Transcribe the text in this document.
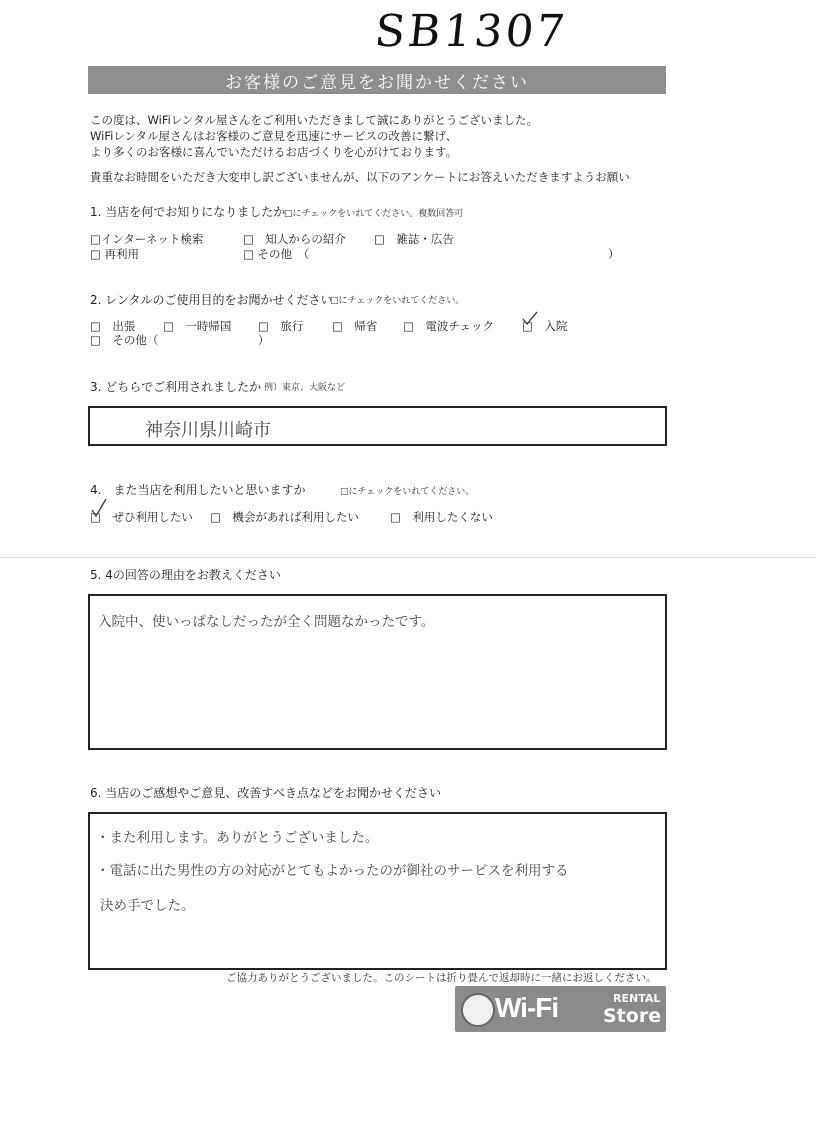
SB1307
お客様のご意見をお聞かせください
この度は、WiFiレンタル屋さんをご利用いただきまして誠にありがとうございました。
WiFiレンタル屋さんはお客様のご意見を迅速にサービスの改善に繋げ、
より多くのお客様に喜んでいただけるお店づくりを心がけております。
貴重なお時間をいただき大変申し訳ございませんが、以下のアンケートにお答えいただきますようお願い
1. 当店を何でお知りになりましたか
□にチェックをいれてください。複数回答可
□インターネット検索	□　知人からの紹介 □　雑誌・広告
□ 再利用	□ その他　（	）
2. レンタルのご使用目的をお聞かせください
□にチェックをいれてください。
□　出張 □　一時帰国 □　旅行 □　帰省 □　電波チェック □　入院
□　その他（	）
3. どちらでご利用されましたか 例）東京、大阪など
神奈川県川崎市
4.　また当店を利用したいと思いますか	□にチェックをいれてください。
□　ぜひ利用したい □　機会があれば利用したい	□　利用したくない
5. 4の回答の理由をお教えください
入院中、使いっぱなしだったが全く問題なかったです。
6. 当店のご感想やご意見、改善すべき点などをお聞かせください
・また利用します。ありがとうございました。
・電話に出た男性の方の対応がとてもよかったのが御社のサービスを利用する
決め手でした。
ご協力ありがとうございました。このシートは折り畳んで返却時に一緒にお返しください。
Wi-Fi	RENTAL
Store
